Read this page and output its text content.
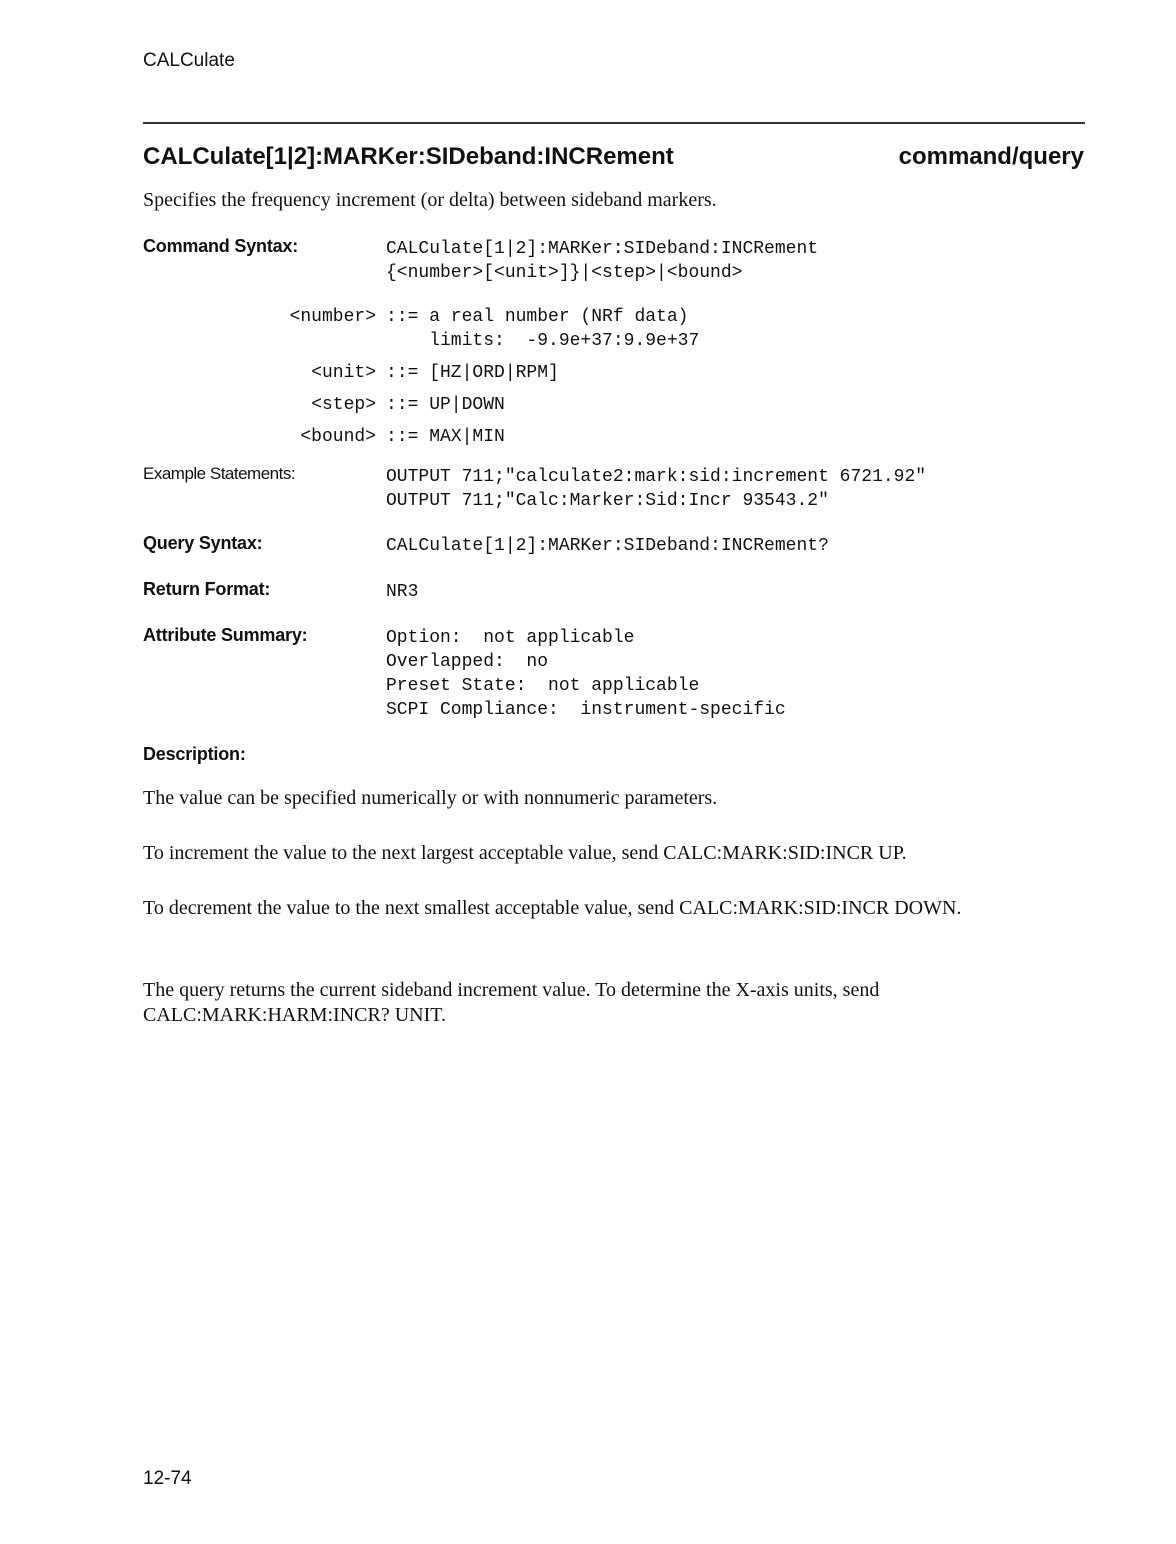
CALCulate
CALCulate[1|2]:MARKer:SIDeband:INCRement	command/query
Specifies the frequency increment (or delta) between sideband markers.
Command Syntax:	CALCulate[1|2]:MARKer:SIDeband:INCRement
{<number>[<unit>]}|<step>|<bound>
<number> ::= a real number (NRf data)
limits:  -9.9e+37:9.9e+37
<unit> ::= [HZ|ORD|RPM]
<step> ::= UP|DOWN
<bound> ::= MAX|MIN
Example Statements:	OUTPUT 711;"calculate2:mark:sid:increment 6721.92"
OUTPUT 711;"Calc:Marker:Sid:Incr 93543.2"
Query Syntax:	CALCulate[1|2]:MARKer:SIDeband:INCRement?
Return Format:	NR3
Attribute Summary:	Option:  not applicable
Overlapped:  no
Preset State:  not applicable
SCPI Compliance:  instrument-specific
Description:
The value can be specified numerically or with nonnumeric parameters.
To increment the value to the next largest acceptable value, send CALC:MARK:SID:INCR UP.
To decrement the value to the next smallest acceptable value, send CALC:MARK:SID:INCR DOWN.
The query returns the current sideband increment value. To determine the X-axis units, send CALC:MARK:HARM:INCR? UNIT.
12-74
